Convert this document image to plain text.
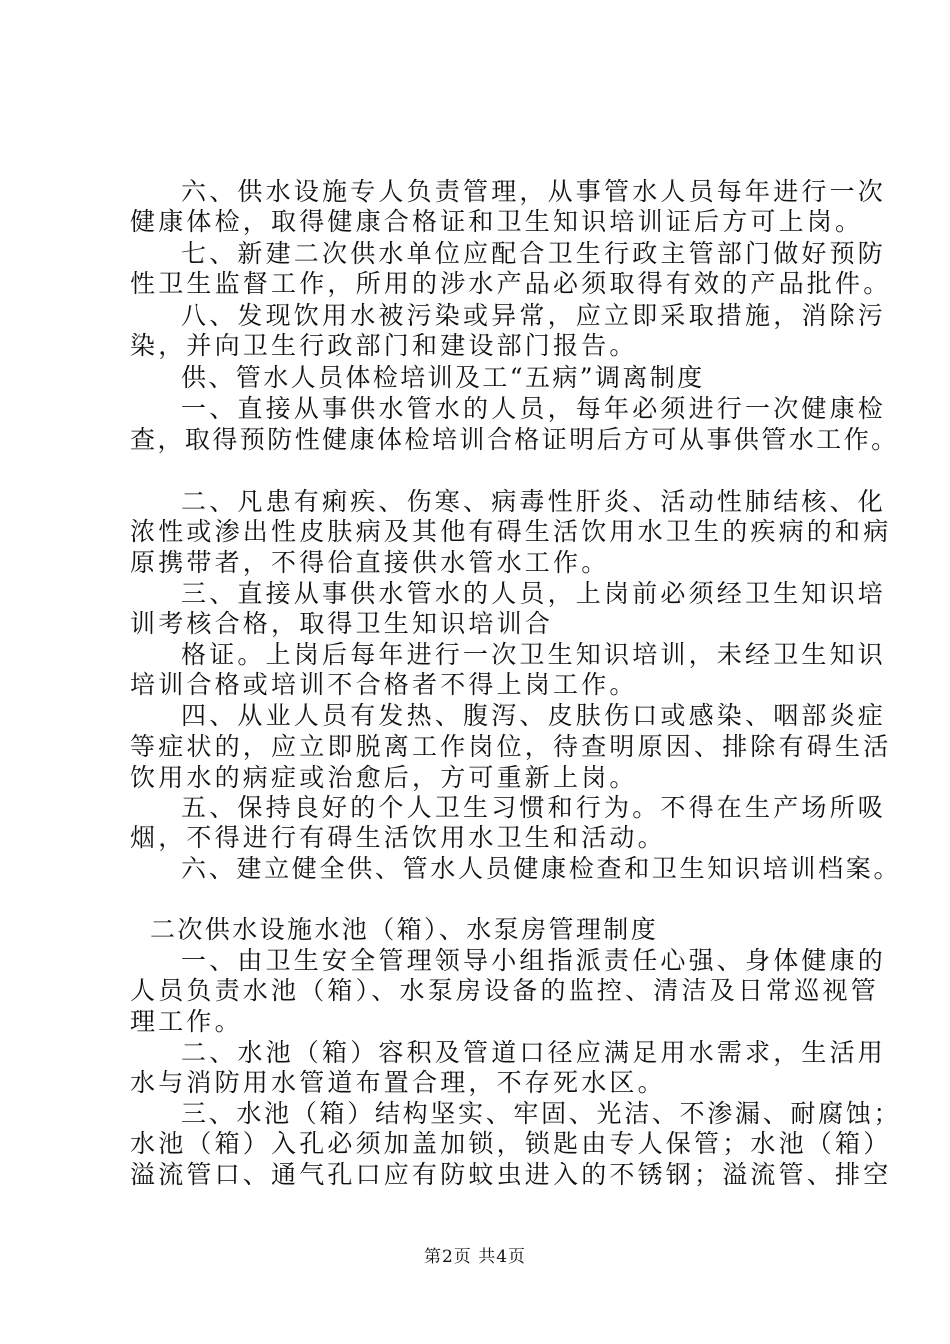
六、供水设施专人负责管理，从事管水人员每年进行一次
健康体检，取得健康合格证和卫生知识培训证后方可上岗。
七、新建二次供水单位应配合卫生行政主管部门做好预防
性卫生监督工作，所用的涉水产品必须取得有效的产品批件。
八、发现饮用水被污染或异常，应立即采取措施，消除污
染，并向卫生行政部门和建设部门报告。
供、管水人员体检培训及工“五病”调离制度
一、直接从事供水管水的人员，每年必须进行一次健康检
查，取得预防性健康体检培训合格证明后方可从事供管水工作。
二、凡患有痢疾、伤寒、病毒性肝炎、活动性肺结核、化
浓性或渗出性皮肤病及其他有碍生活饮用水卫生的疾病的和病
原携带者，不得佮直接供水管水工作。
三、直接从事供水管水的人员，上岗前必须经卫生知识培
训考核合格，取得卫生知识培训合
格证。上岗后每年进行一次卫生知识培训，未经卫生知识
培训合格或培训不合格者不得上岗工作。
四、从业人员有发热、腹泻、皮肤伤口或感染、咽部炎症
等症状的，应立即脱离工作岗位，待查明原因、排除有碍生活
饮用水的病症或治愈后，方可重新上岗。
五、保持良好的个人卫生习惯和行为。不得在生产场所吸
烟，不得进行有碍生活饮用水卫生和活动。
六、建立健全供、管水人员健康检查和卫生知识培训档案。
二次供水设施水池（箱）、水泵房管理制度
一、由卫生安全管理领导小组指派责任心强、身体健康的
人员负责水池（箱）、水泵房设备的监控、清洁及日常巡视管
理工作。
二、水池（箱）容积及管道口径应满足用水需求，生活用
水与消防用水管道布置合理，不存死水区。
三、水池（箱）结构坚实、牢固、光洁、不渗漏、耐腐蚀；
水池（箱）入孔必须加盖加锁，锁匙由专人保管；水池（箱）
溢流管口、通气孔口应有防蚊虫进入的不锈钢；溢流管、排空
第2页 共4页
